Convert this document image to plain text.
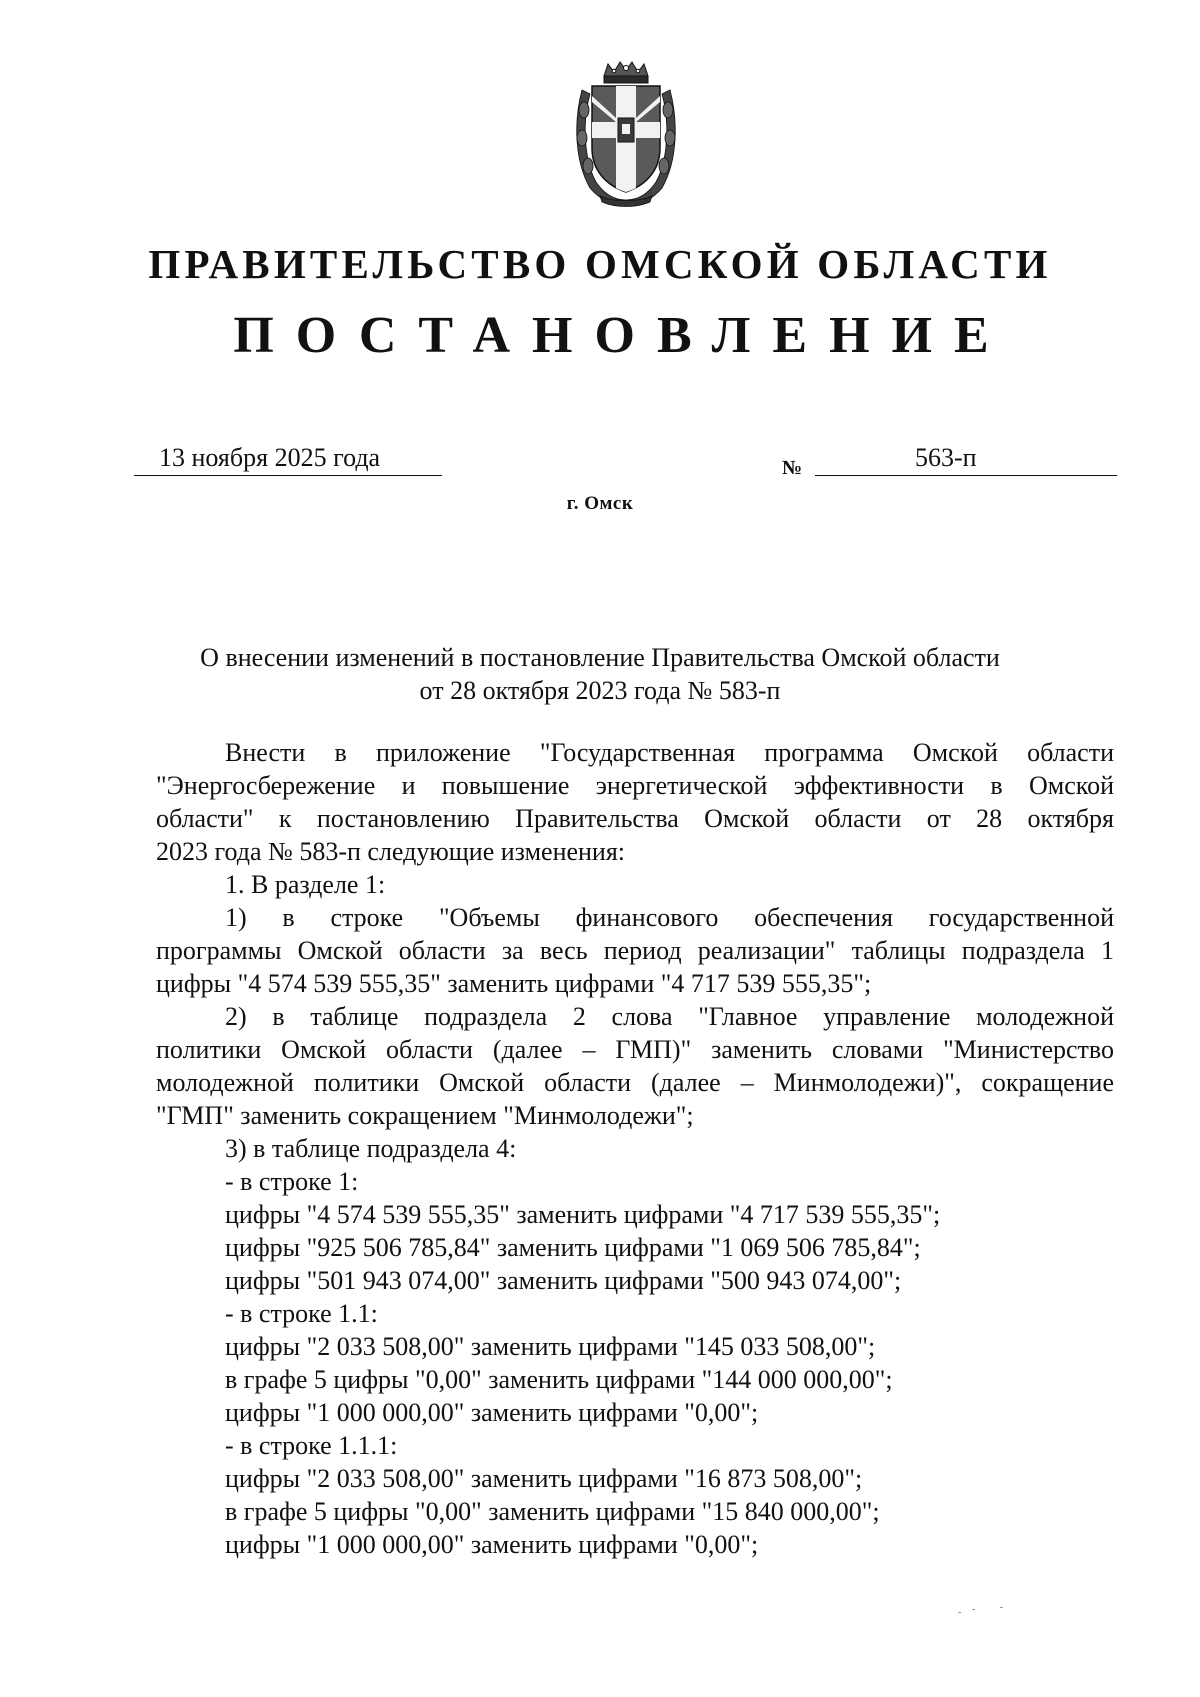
ПРАВИТЕЛЬСТВО ОМСКОЙ ОБЛАСТИ
ПОСТАНОВЛЕНИЕ
13 ноября 2025 года	№	563-п
г. Омск
О внесении изменений в постановление Правительства Омской области
от 28 октября 2023 года № 583-п
Внести в приложение "Государственная программа Омской области
"Энергосбережение и повышение энергетической эффективности в Омской
области" к постановлению Правительства Омской области от 28 октября
2023 года № 583-п следующие изменения:
1. В разделе 1:
1) в строке "Объемы финансового обеспечения государственной
программы Омской области за весь период реализации" таблицы подраздела 1
цифры "4 574 539 555,35" заменить цифрами "4 717 539 555,35";
2) в таблице подраздела 2 слова "Главное управление молодежной
политики Омской области (далее – ГМП)" заменить словами "Министерство
молодежной политики Омской области (далее – Минмолодежи)", сокращение
"ГМП" заменить сокращением "Минмолодежи";
3) в таблице подраздела 4:
- в строке 1:
цифры "4 574 539 555,35" заменить цифрами "4 717 539 555,35";
цифры "925 506 785,84" заменить цифрами "1 069 506 785,84";
цифры "501 943 074,00" заменить цифрами "500 943 074,00";
- в строке 1.1:
цифры "2 033 508,00" заменить цифрами "145 033 508,00";
в графе 5 цифры "0,00" заменить цифрами "144 000 000,00";
цифры "1 000 000,00" заменить цифрами "0,00";
- в строке 1.1.1:
цифры "2 033 508,00" заменить цифрами "16 873 508,00";
в графе 5 цифры "0,00" заменить цифрами "15 840 000,00";
цифры "1 000 000,00" заменить цифрами "0,00";
